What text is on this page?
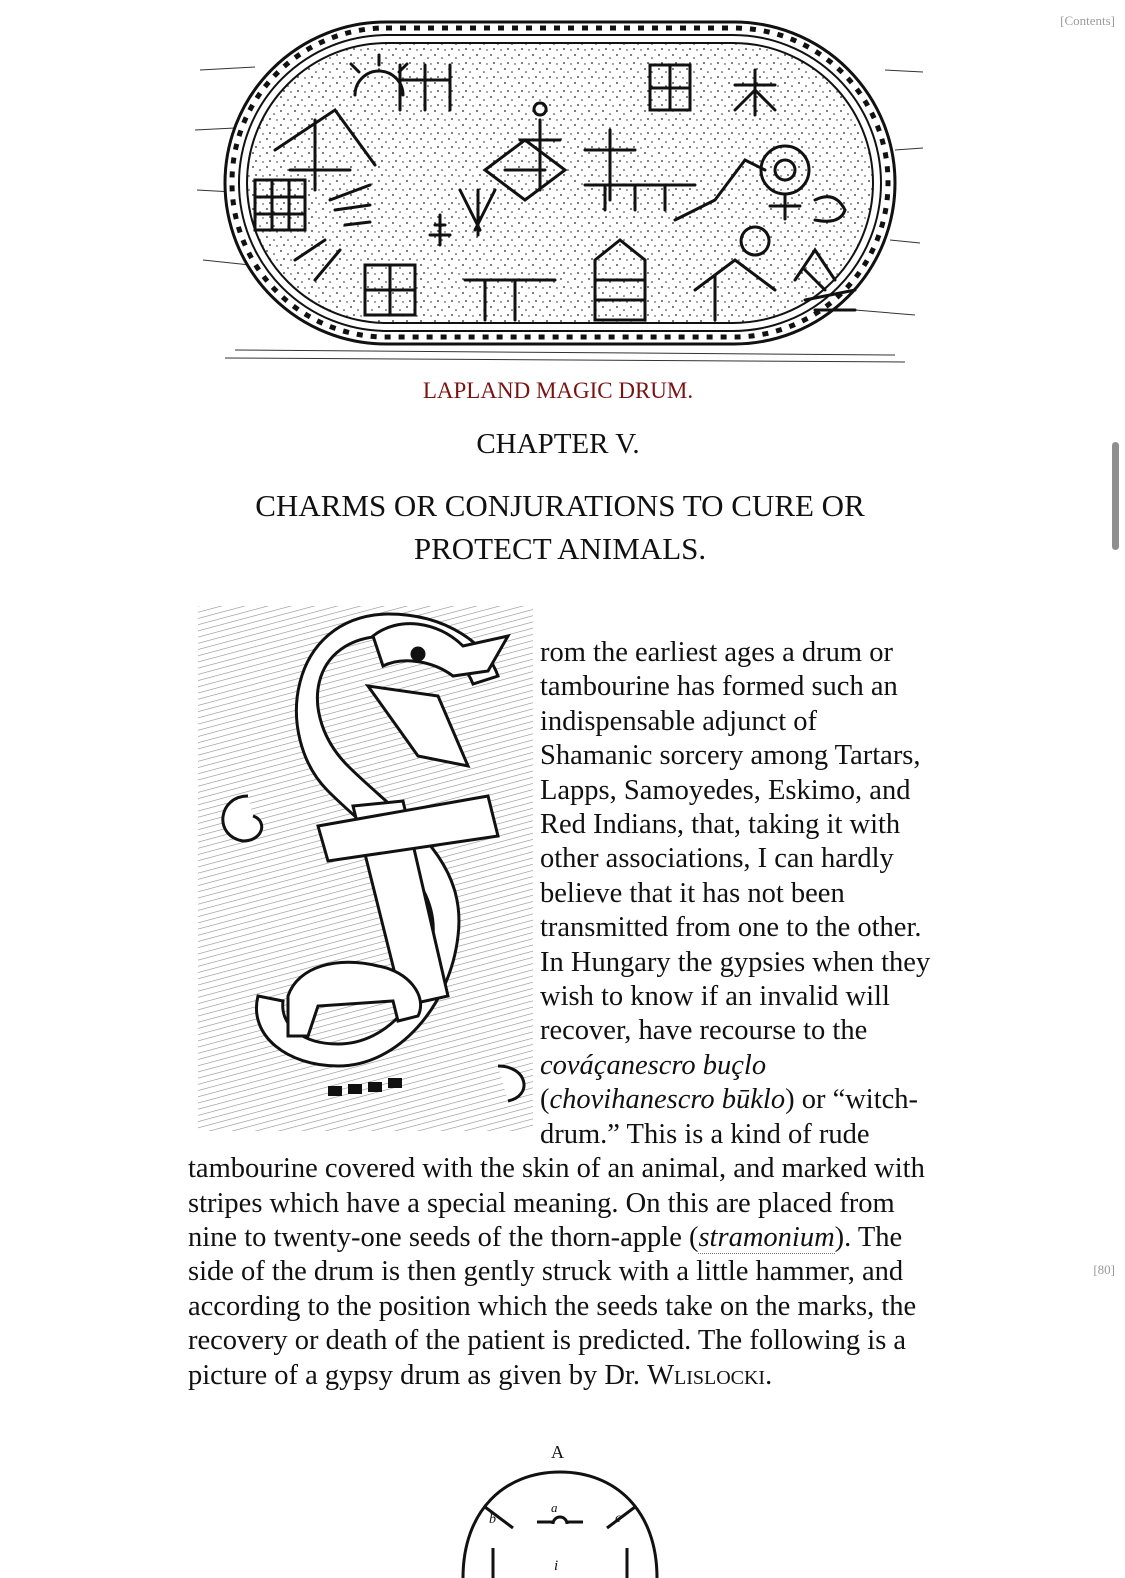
[Contents]
LAPLAND MAGIC DRUM.
CHAPTER V.
CHARMS OR CONJURATIONS TO CURE OR PROTECT ANIMALS.
rom the earliest ages a drum or tambourine has formed such an indispensable adjunct of Shamanic sorcery among Tartars, Lapps, Samoyedes, Eskimo, and Red Indians, that, taking it with other associations, I can hardly believe that it has not been transmitted from one to the other. In Hungary the gypsies when they wish to know if an invalid will recover, have recourse to the cováçanescro buçlo (chovihanescro būklo) or “witch-drum.” This is a kind of rude tambourine covered with the skin of an animal, and marked with stripes which have a special meaning. On this are placed from nine to twenty-one seeds of the thorn-apple (stramonium). The side of the drum is then gently struck with a little hammer, and according to the position which the seeds take on the marks, the recovery or death of the patient is predicted. The following is a picture of a gypsy drum as given by Dr. Wlislocki.
[80]
A
a
b	c
i
